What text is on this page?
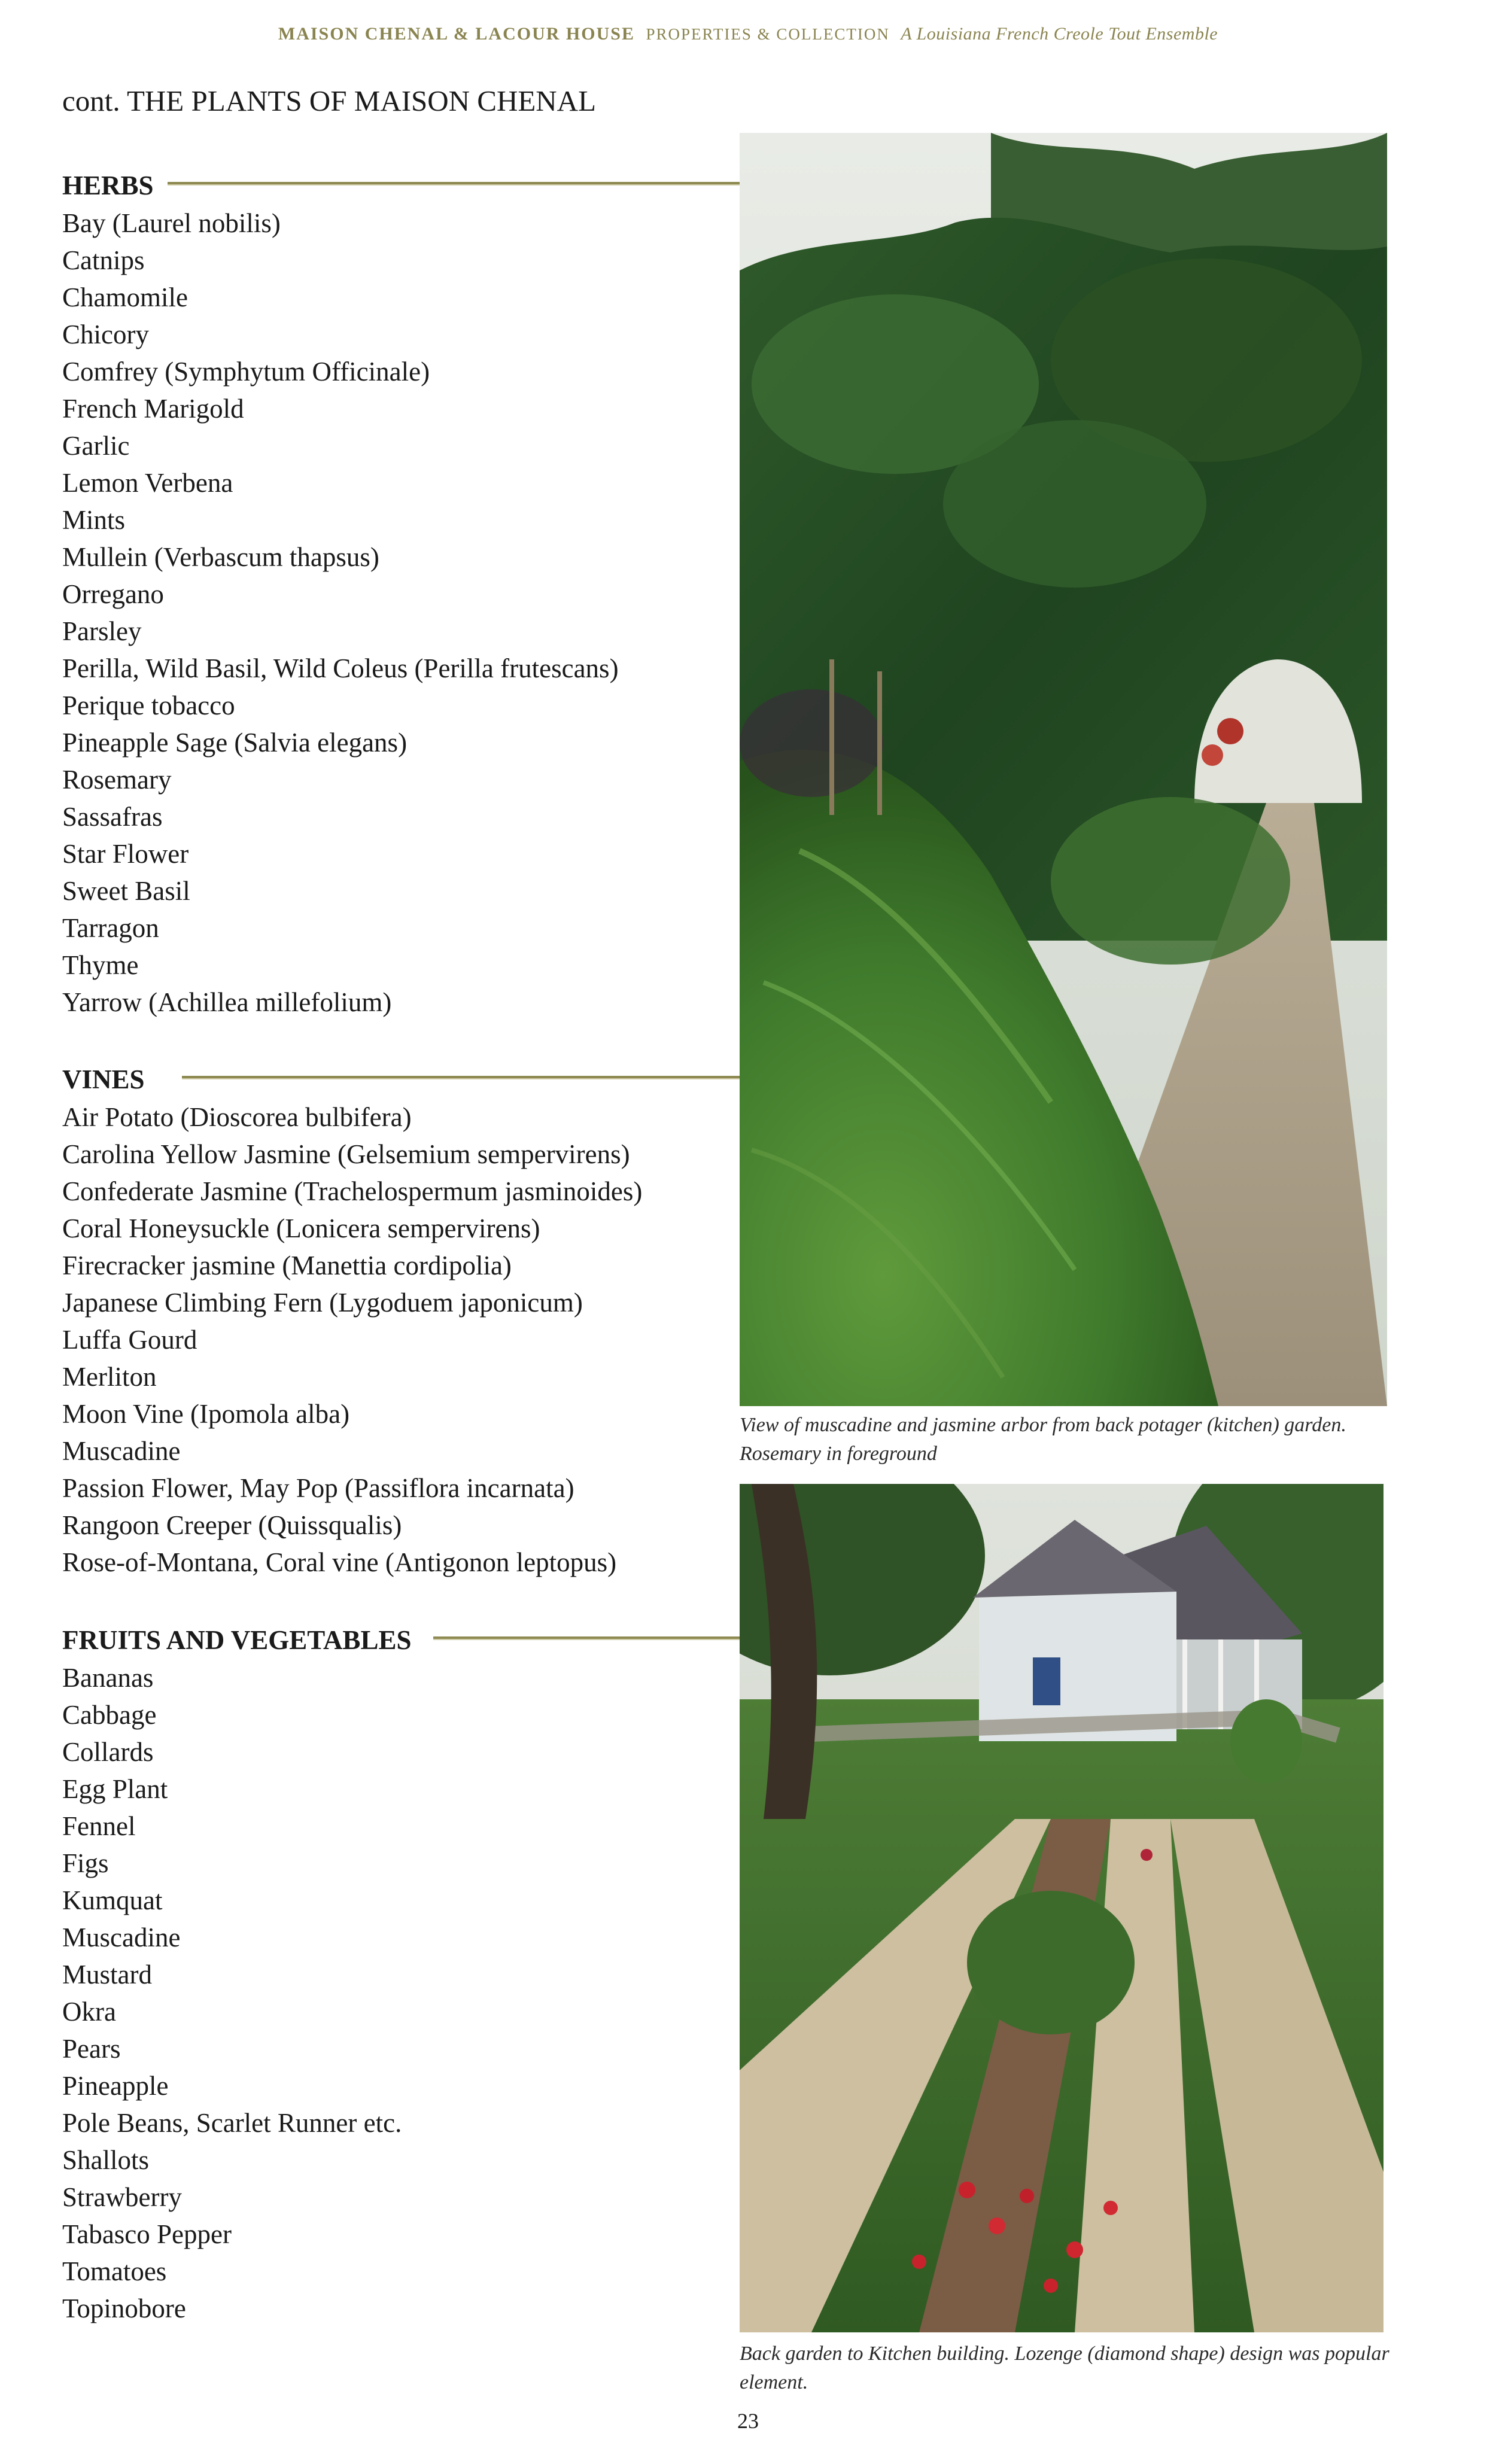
MAISON CHENAL & LACOUR HOUSE PROPERTIES & COLLECTION A Louisiana French Creole Tout Ensemble
cont. THE PLANTS OF MAISON CHENAL
HERBS
Bay (Laurel nobilis)
Catnips
Chamomile
Chicory
Comfrey (Symphytum Officinale)
French Marigold
Garlic
Lemon Verbena
Mints
Mullein (Verbascum thapsus)
Orregano
Parsley
Perilla, Wild Basil, Wild Coleus (Perilla frutescans)
Perique tobacco
Pineapple Sage (Salvia elegans)
Rosemary
Sassafras
Star Flower
Sweet Basil
Tarragon
Thyme
Yarrow (Achillea millefolium)
VINES
Air Potato (Dioscorea bulbifera)
Carolina Yellow Jasmine (Gelsemium sempervirens)
Confederate Jasmine (Trachelospermum jasminoides)
Coral Honeysuckle (Lonicera sempervirens)
Firecracker jasmine (Manettia cordipolia)
Japanese Climbing Fern (Lygoduem japonicum)
Luffa Gourd
Merliton
Moon Vine (Ipomola alba)
Muscadine
Passion Flower, May Pop (Passiflora incarnata)
Rangoon Creeper (Quissqualis)
Rose-of-Montana, Coral vine (Antigonon leptopus)
FRUITS AND VEGETABLES
Bananas
Cabbage
Collards
Egg Plant
Fennel
Figs
Kumquat
Muscadine
Mustard
Okra
Pears
Pineapple
Pole Beans, Scarlet Runner etc.
Shallots
Strawberry
Tabasco Pepper
Tomatoes
Topinobore
View of muscadine and jasmine arbor from back potager (kitchen) garden. Rosemary in foreground
Back garden to Kitchen building. Lozenge (diamond shape) design was popular element.
23
